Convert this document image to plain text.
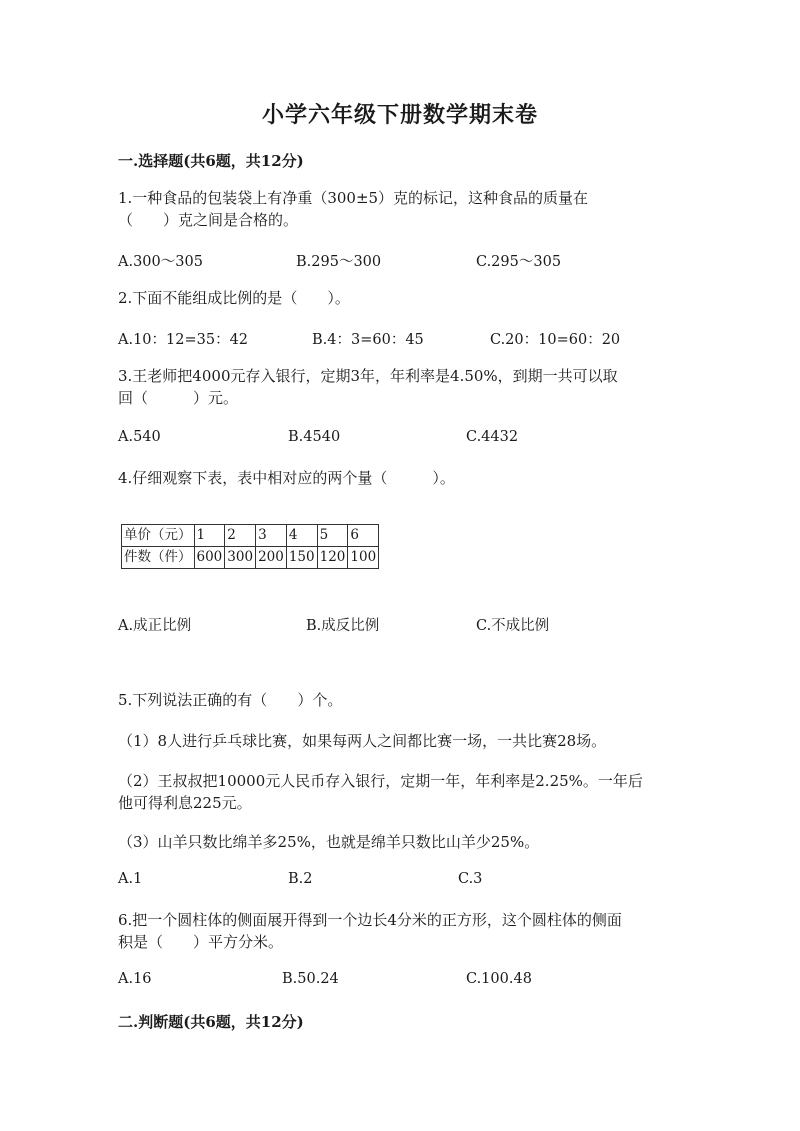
小学六年级下册数学期末卷
一.选择题(共6题，共12分)
1.一种食品的包装袋上有净重（300±5）克的标记，这种食品的质量在
（　　）克之间是合格的。
A.300～305	B.295～300	C.295～305
2.下面不能组成比例的是（　　）。
A.10：12=35：42	B.4：3=60：45	C.20：10=60：20
3.王老师把4000元存入银行，定期3年，年利率是4.50%，到期一共可以取
回（　　　）元。
A.540	B.4540	C.4432
4.仔细观察下表，表中相对应的两个量（　　　）。
单价（元）	1	2	3	4	5	6
件数（件）	600	300	200	150	120	100
A.成正比例	B.成反比例	C.不成比例
5.下列说法正确的有（　　）个。
（1）8人进行乒乓球比赛，如果每两人之间都比赛一场，一共比赛28场。
（2）王叔叔把10000元人民币存入银行，定期一年，年利率是2.25%。一年后
他可得利息225元。
（3）山羊只数比绵羊多25%，也就是绵羊只数比山羊少25%。
A.1	B.2	C.3
6.把一个圆柱体的侧面展开得到一个边长4分米的正方形，这个圆柱体的侧面
积是（　　）平方分米。
A.16	B.50.24	C.100.48
二.判断题(共6题，共12分)
